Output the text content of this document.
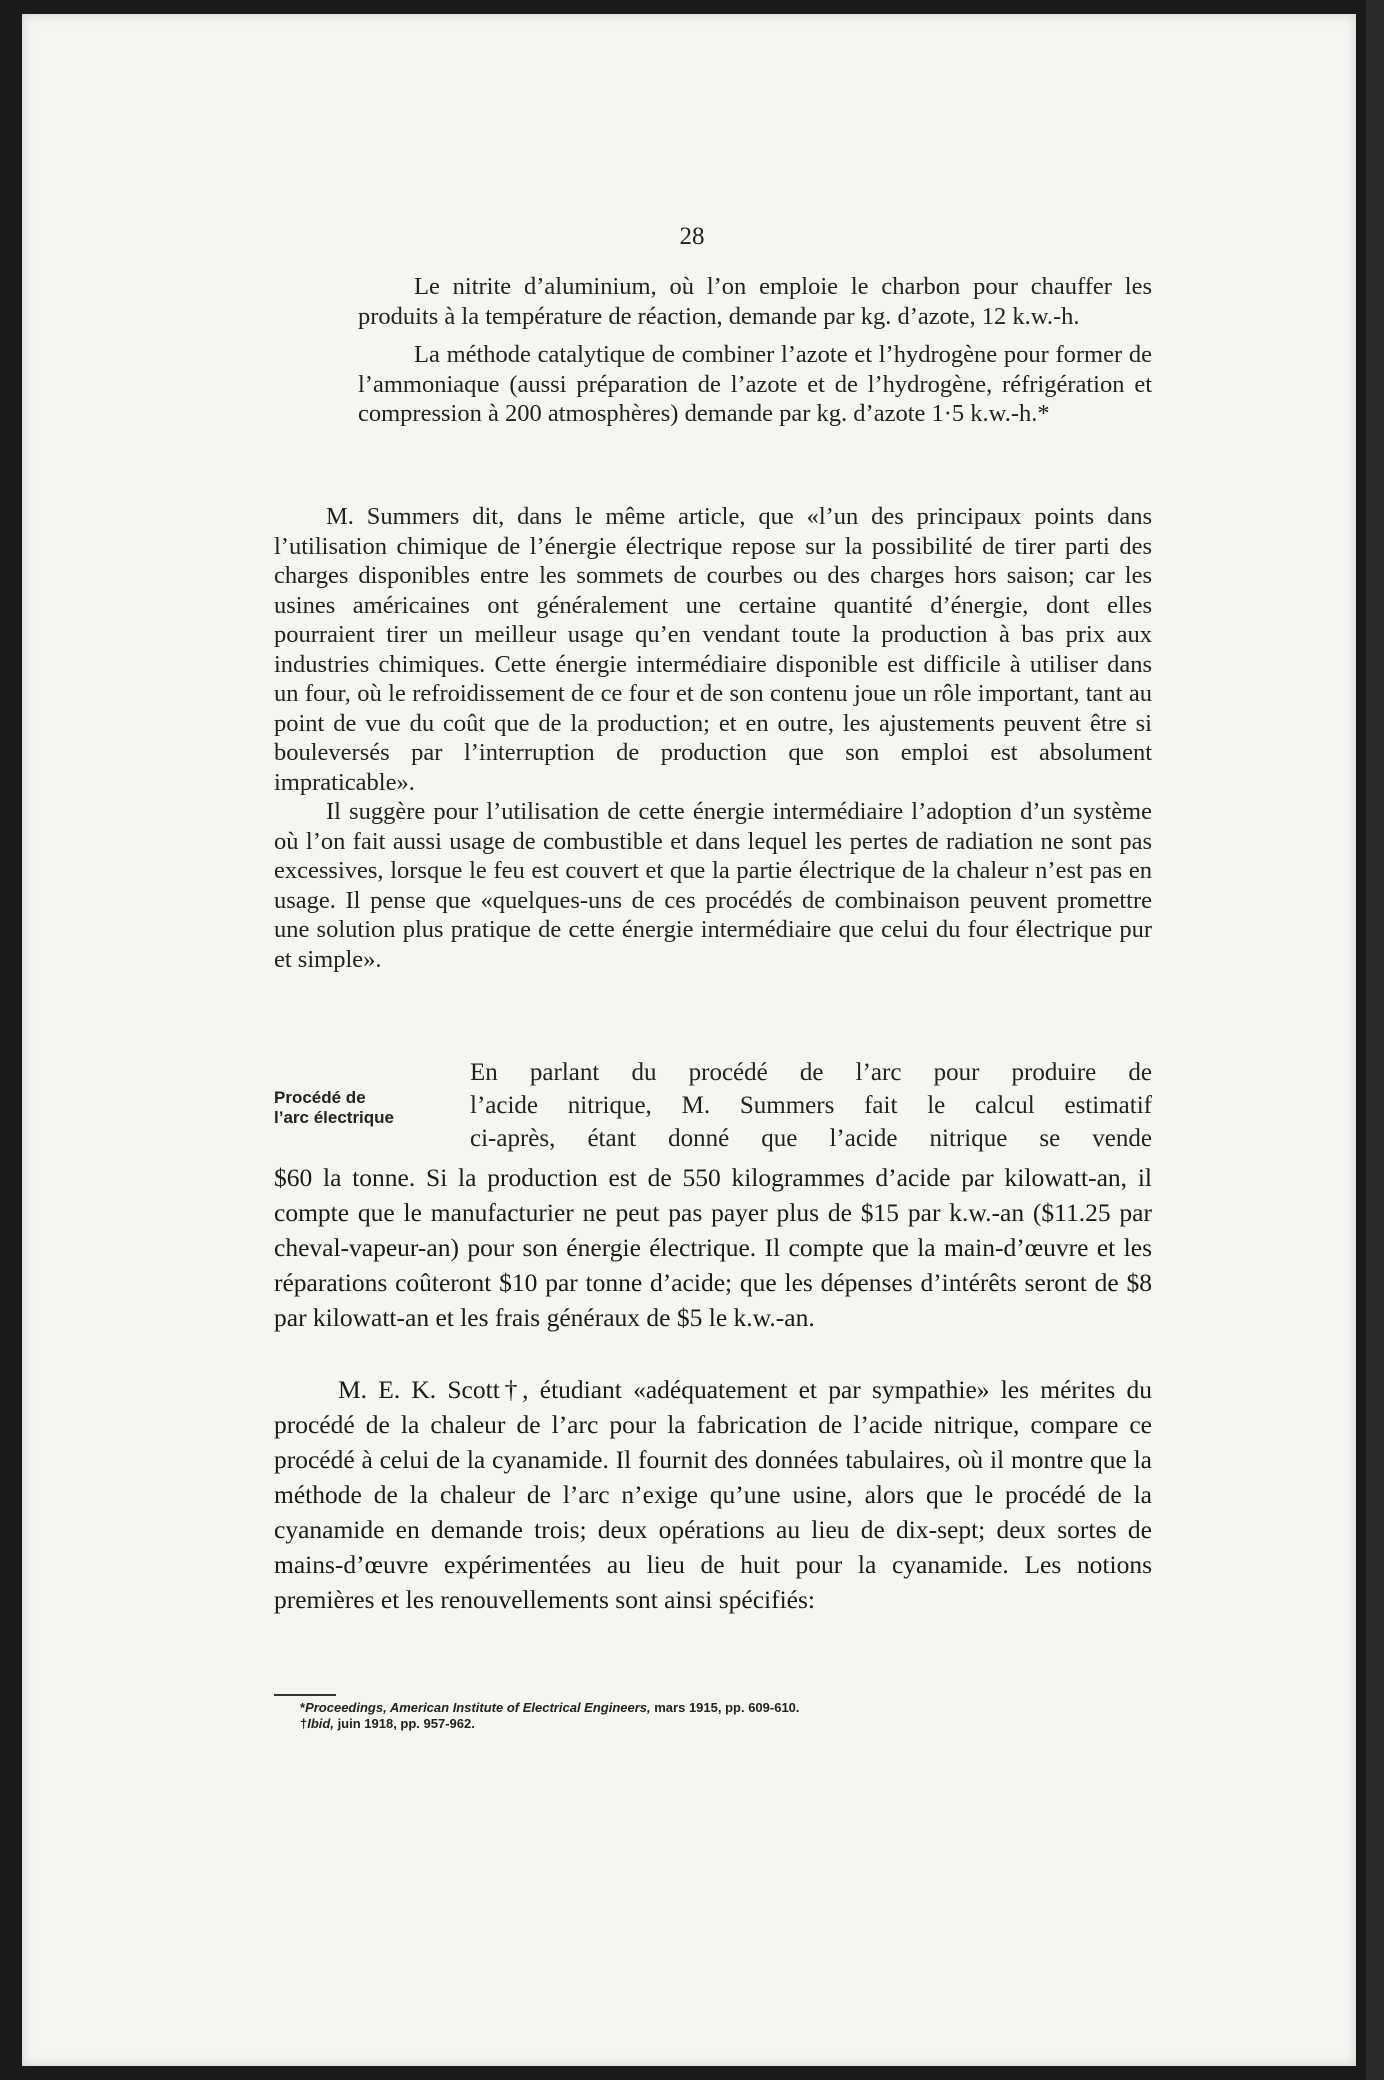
28

Le nitrite d’aluminium, où l’on emploie le charbon pour chauffer les produits à la température de réaction, demande par kg. d’azote, 12 k.w.-h.

La méthode catalytique de combiner l’azote et l’hydrogène pour former de l’ammoniaque (aussi préparation de l’azote et de l’hydrogène, réfrigération et compression à 200 atmosphères) demande par kg. d’azote 1·5 k.w.-h.*

M. Summers dit, dans le même article, que «l’un des principaux points dans l’utilisation chimique de l’énergie électrique repose sur la possibilité de tirer parti des charges disponibles entre les sommets de courbes ou des charges hors saison; car les usines américaines ont généralement une certaine quantité d’énergie, dont elles pourraient tirer un meilleur usage qu’en vendant toute la production à bas prix aux industries chimiques. Cette énergie intermédiaire disponible est difficile à utiliser dans un four, où le refroidissement de ce four et de son contenu joue un rôle important, tant au point de vue du coût que de la production; et en outre, les ajustements peuvent être si bouleversés par l’interruption de production que son emploi est absolument impraticable».

Il suggère pour l’utilisation de cette énergie intermédiaire l’adoption d’un système où l’on fait aussi usage de combustible et dans lequel les pertes de radiation ne sont pas excessives, lorsque le feu est couvert et que la partie électrique de la chaleur n’est pas en usage. Il pense que «quelques-uns de ces procédés de combinaison peuvent promettre une solution plus pratique de cette énergie intermédiaire que celui du four électrique pur et simple».

Procédé de
l’arc électrique

En parlant du procédé de l’arc pour produire de

l’acide nitrique, M. Summers fait le calcul estimatif

ci-après, étant donné que l’acide nitrique se vende

$60 la tonne. Si la production est de 550 kilogrammes d’acide par kilowatt-an, il compte que le manufacturier ne peut pas payer plus de $15 par k.w.-an ($11.25 par cheval-vapeur-an) pour son énergie électrique. Il compte que la main-d’œuvre et les réparations coûteront $10 par tonne d’acide; que les dépenses d’intérêts seront de $8 par kilowatt-an et les frais généraux de $5 le k.w.-an.

M. E. K. Scott†, étudiant «adéquatement et par sympathie» les mérites du procédé de la chaleur de l’arc pour la fabrication de l’acide nitrique, compare ce procédé à celui de la cyanamide. Il fournit des données tabulaires, où il montre que la méthode de la chaleur de l’arc n’exige qu’une usine, alors que le procédé de la cyanamide en demande trois; deux opérations au lieu de dix-sept; deux sortes de mains-d’œuvre expérimentées au lieu de huit pour la cyanamide. Les notions premières et les renouvellements sont ainsi spécifiés:

*Proceedings, American Institute of Electrical Engineers, mars 1915, pp. 609-610.
†Ibid, juin 1918, pp. 957-962.
